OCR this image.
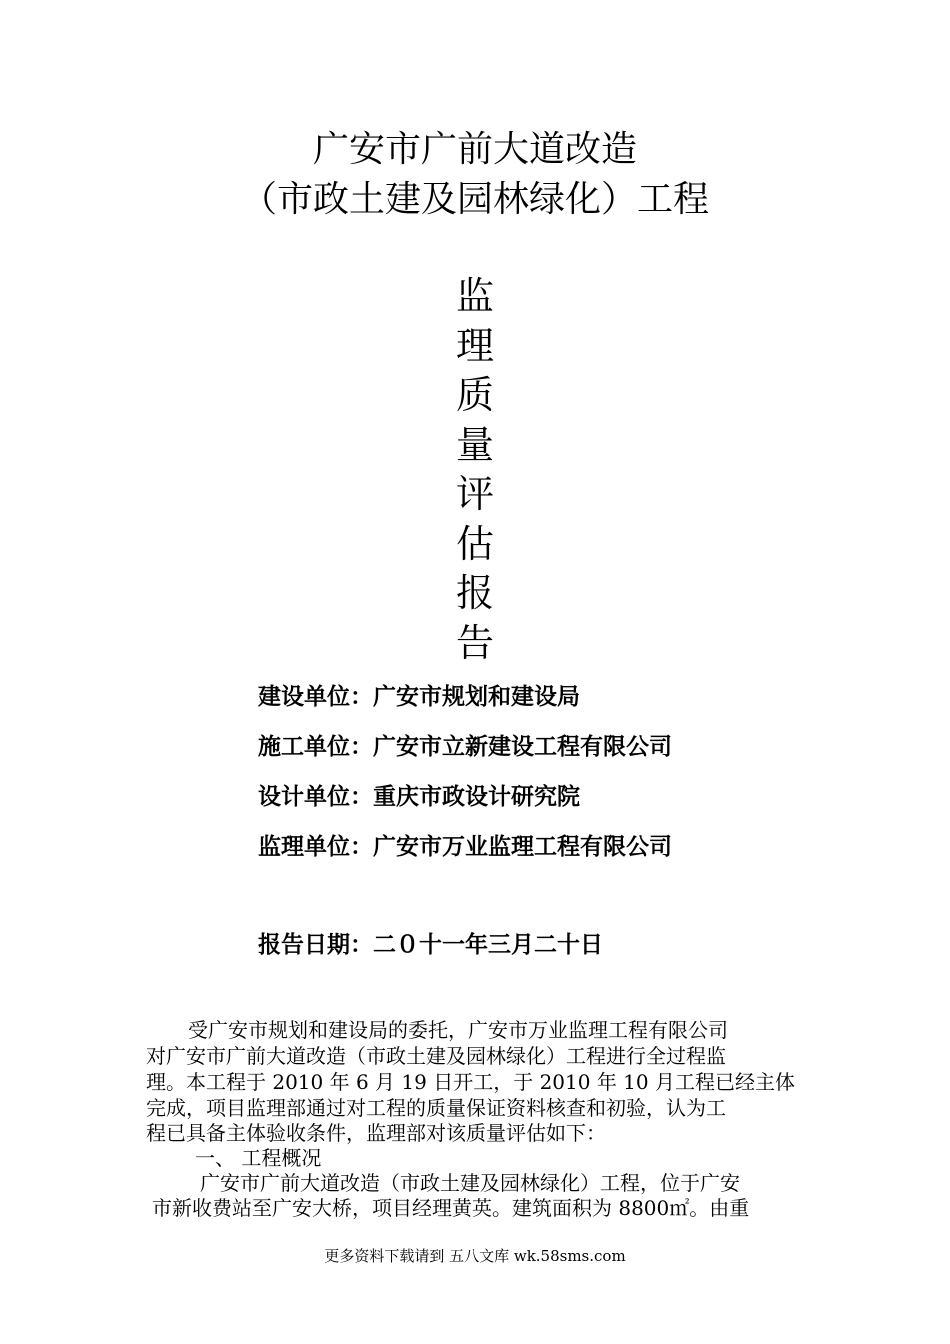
广安市广前大道改造
（市政土建及园林绿化）工程
监
理
质
量
评
估
报
告
建设单位：广安市规划和建设局
施工单位：广安市立新建设工程有限公司
设计单位：重庆市政设计研究院
监理单位：广安市万业监理工程有限公司
报告日期：二０十一年三月二十日
受广安市规划和建设局的委托，广安市万业监理工程有限公司
对广安市广前大道改造（市政土建及园林绿化）工程进行全过程监
理。本工程于 2010 年 6 月 19 日开工，于 2010 年 10 月工程已经主体
完成，项目监理部通过对工程的质量保证资料核查和初验，认为工
程已具备主体验收条件，监理部对该质量评估如下：
一、 工程概况
广安市广前大道改造（市政土建及园林绿化）工程，位于广安
市新收费站至广安大桥，项目经理黄英。建筑面积为 8800㎡。由重
更多资料下载请到 五八文库 wk.58sms.com
